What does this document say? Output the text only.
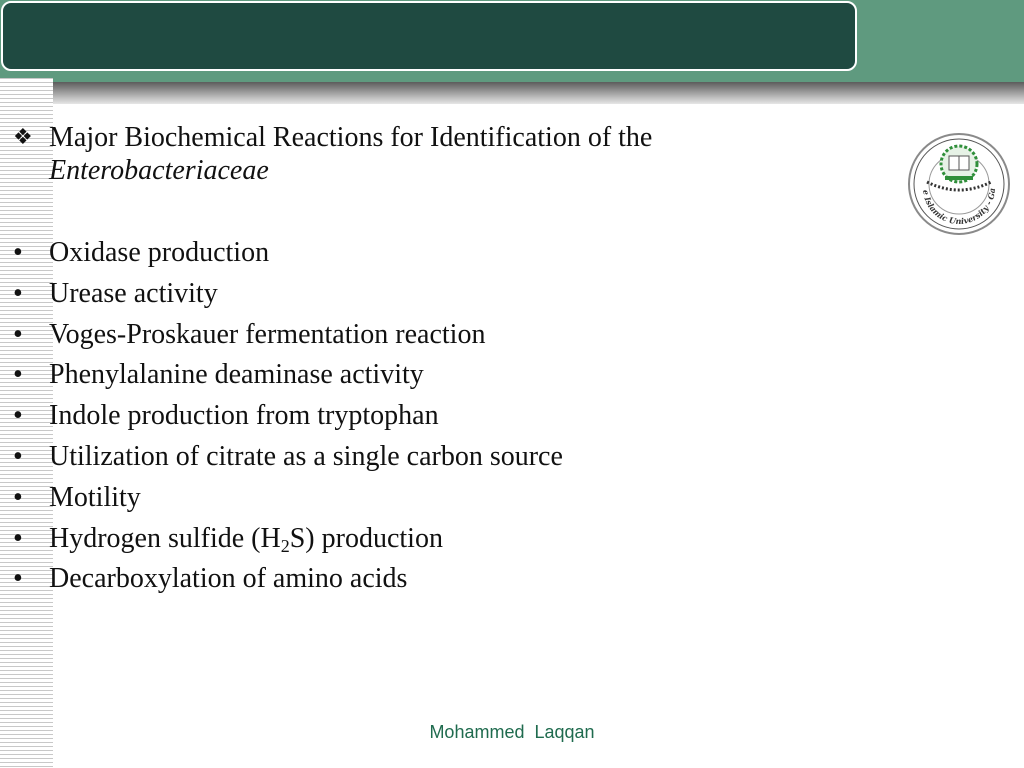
❖ Major Biochemical Reactions for Identification of the
Enterobacteriaceae
• Oxidase production
• Urease activity
• Voges-Proskauer fermentation reaction
• Phenylalanine deaminase activity
• Indole production from tryptophan
• Utilization of citrate as a single carbon source
• Motility
• Hydrogen sulfide $(H_2S)$ production
• Decarboxylation of amino acids
e Islamic University - Ga
Mohammed  Laqqan
